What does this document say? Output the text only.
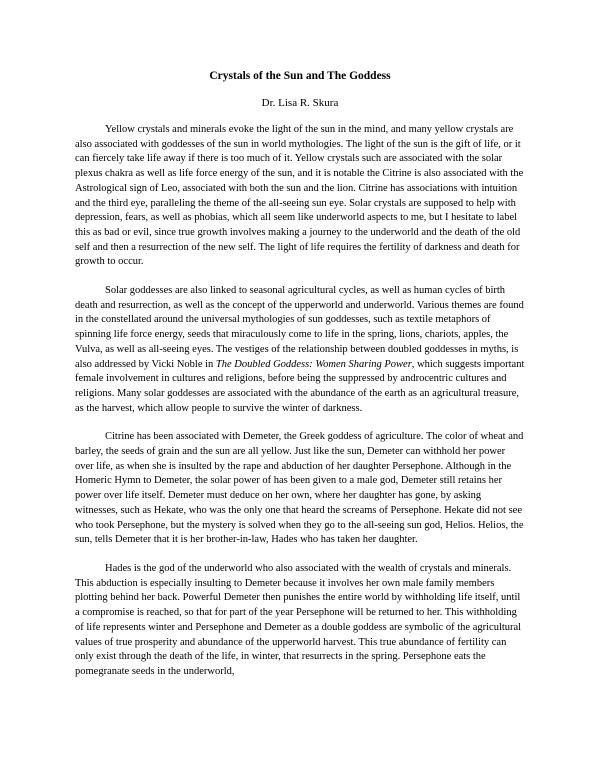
Crystals of the Sun and The Goddess
Dr. Lisa R. Skura

Yellow crystals and minerals evoke the light of the sun in the mind, and many yellow crystals are also associated with goddesses of the sun in world mythologies. The light of the sun is the gift of life, or it can fiercely take life away if there is too much of it. Yellow crystals such are associated with the solar plexus chakra as well as life force energy of the sun, and it is notable the Citrine is also associated with the Astrological sign of Leo, associated with both the sun and the lion. Citrine has associations with intuition and the third eye, paralleling the theme of the all-seeing sun eye. Solar crystals are supposed to help with depression, fears, as well as phobias, which all seem like underworld aspects to me, but I hesitate to label this as bad or evil, since true growth involves making a journey to the underworld and the death of the old self and then a resurrection of the new self. The light of life requires the fertility of darkness and death for growth to occur.

Solar goddesses are also linked to seasonal agricultural cycles, as well as human cycles of birth death and resurrection, as well as the concept of the upperworld and underworld. Various themes are found in the constellated around the universal mythologies of sun goddesses, such as textile metaphors of spinning life force energy, seeds that miraculously come to life in the spring, lions, chariots, apples, the Vulva, as well as all-seeing eyes. The vestiges of the relationship between doubled goddesses in myths, is also addressed by Vicki Noble in The Doubled Goddess: Women Sharing Power, which suggests important female involvement in cultures and religions, before being the suppressed by androcentric cultures and religions. Many solar goddesses are associated with the abundance of the earth as an agricultural treasure, as the harvest, which allow people to survive the winter of darkness.

Citrine has been associated with Demeter, the Greek goddess of agriculture. The color of wheat and barley, the seeds of grain and the sun are all yellow. Just like the sun, Demeter can withhold her power over life, as when she is insulted by the rape and abduction of her daughter Persephone. Although in the Homeric Hymn to Demeter, the solar power of has been given to a male god, Demeter still retains her power over life itself. Demeter must deduce on her own, where her daughter has gone, by asking witnesses, such as Hekate, who was the only one that heard the screams of Persephone. Hekate did not see who took Persephone, but the mystery is solved when they go to the all-seeing sun god, Helios. Helios, the sun, tells Demeter that it is her brother-in-law, Hades who has taken her daughter.

Hades is the god of the underworld who also associated with the wealth of crystals and minerals. This abduction is especially insulting to Demeter because it involves her own male family members plotting behind her back. Powerful Demeter then punishes the entire world by withholding life itself, until a compromise is reached, so that for part of the year Persephone will be returned to her. This withholding of life represents winter and Persephone and Demeter as a double goddess are symbolic of the agricultural values of true prosperity and abundance of the upperworld harvest. This true abundance of fertility can only exist through the death of the life, in winter, that resurrects in the spring. Persephone eats the pomegranate seeds in the underworld,
